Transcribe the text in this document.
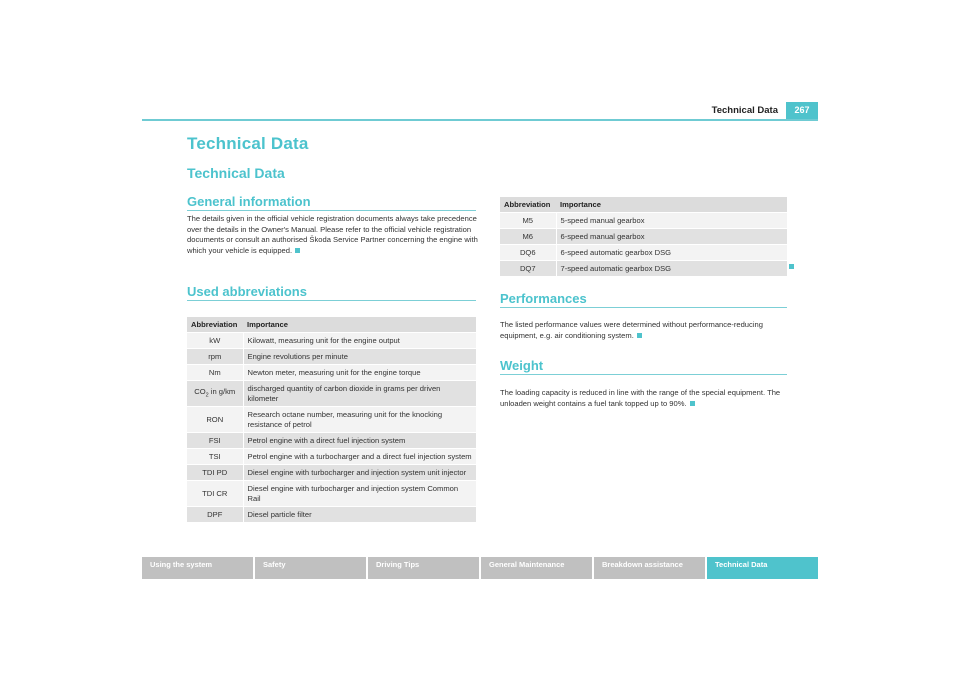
Technical Data	267
Technical Data
Technical Data
General information
The details given in the official vehicle registration documents always take precedence over the details in the Owner's Manual. Please refer to the official vehicle registration documents or consult an authorised Škoda Service Partner concerning the engine with which your vehicle is equipped.
Used abbreviations
Abbreviation	Importance
kW	Kilowatt, measuring unit for the engine output
rpm	Engine revolutions per minute
Nm	Newton meter, measuring unit for the engine torque
$CO_2$ in g/km	discharged quantity of carbon dioxide in grams per driven kilometer
RON	Research octane number, measuring unit for the knocking resistance of petrol
FSI	Petrol engine with a direct fuel injection system
TSI	Petrol engine with a turbocharger and a direct fuel injection system
TDI PD	Diesel engine with turbocharger and injection system unit injector
TDI CR	Diesel engine with turbocharger and injection system Common Rail
DPF	Diesel particle filter
Abbreviation	Importance
M5	5-speed manual gearbox
M6	6-speed manual gearbox
DQ6	6-speed automatic gearbox DSG
DQ7	7-speed automatic gearbox DSG
Performances
The listed performance values were determined without performance-reducing equipment, e.g. air conditioning system.
Weight
The loading capacity is reduced in line with the range of the special equipment. The unloaden weight contains a fuel tank topped up to 90%.
Using the system	Safety	Driving Tips	General Maintenance	Breakdown assistance	Technical Data
